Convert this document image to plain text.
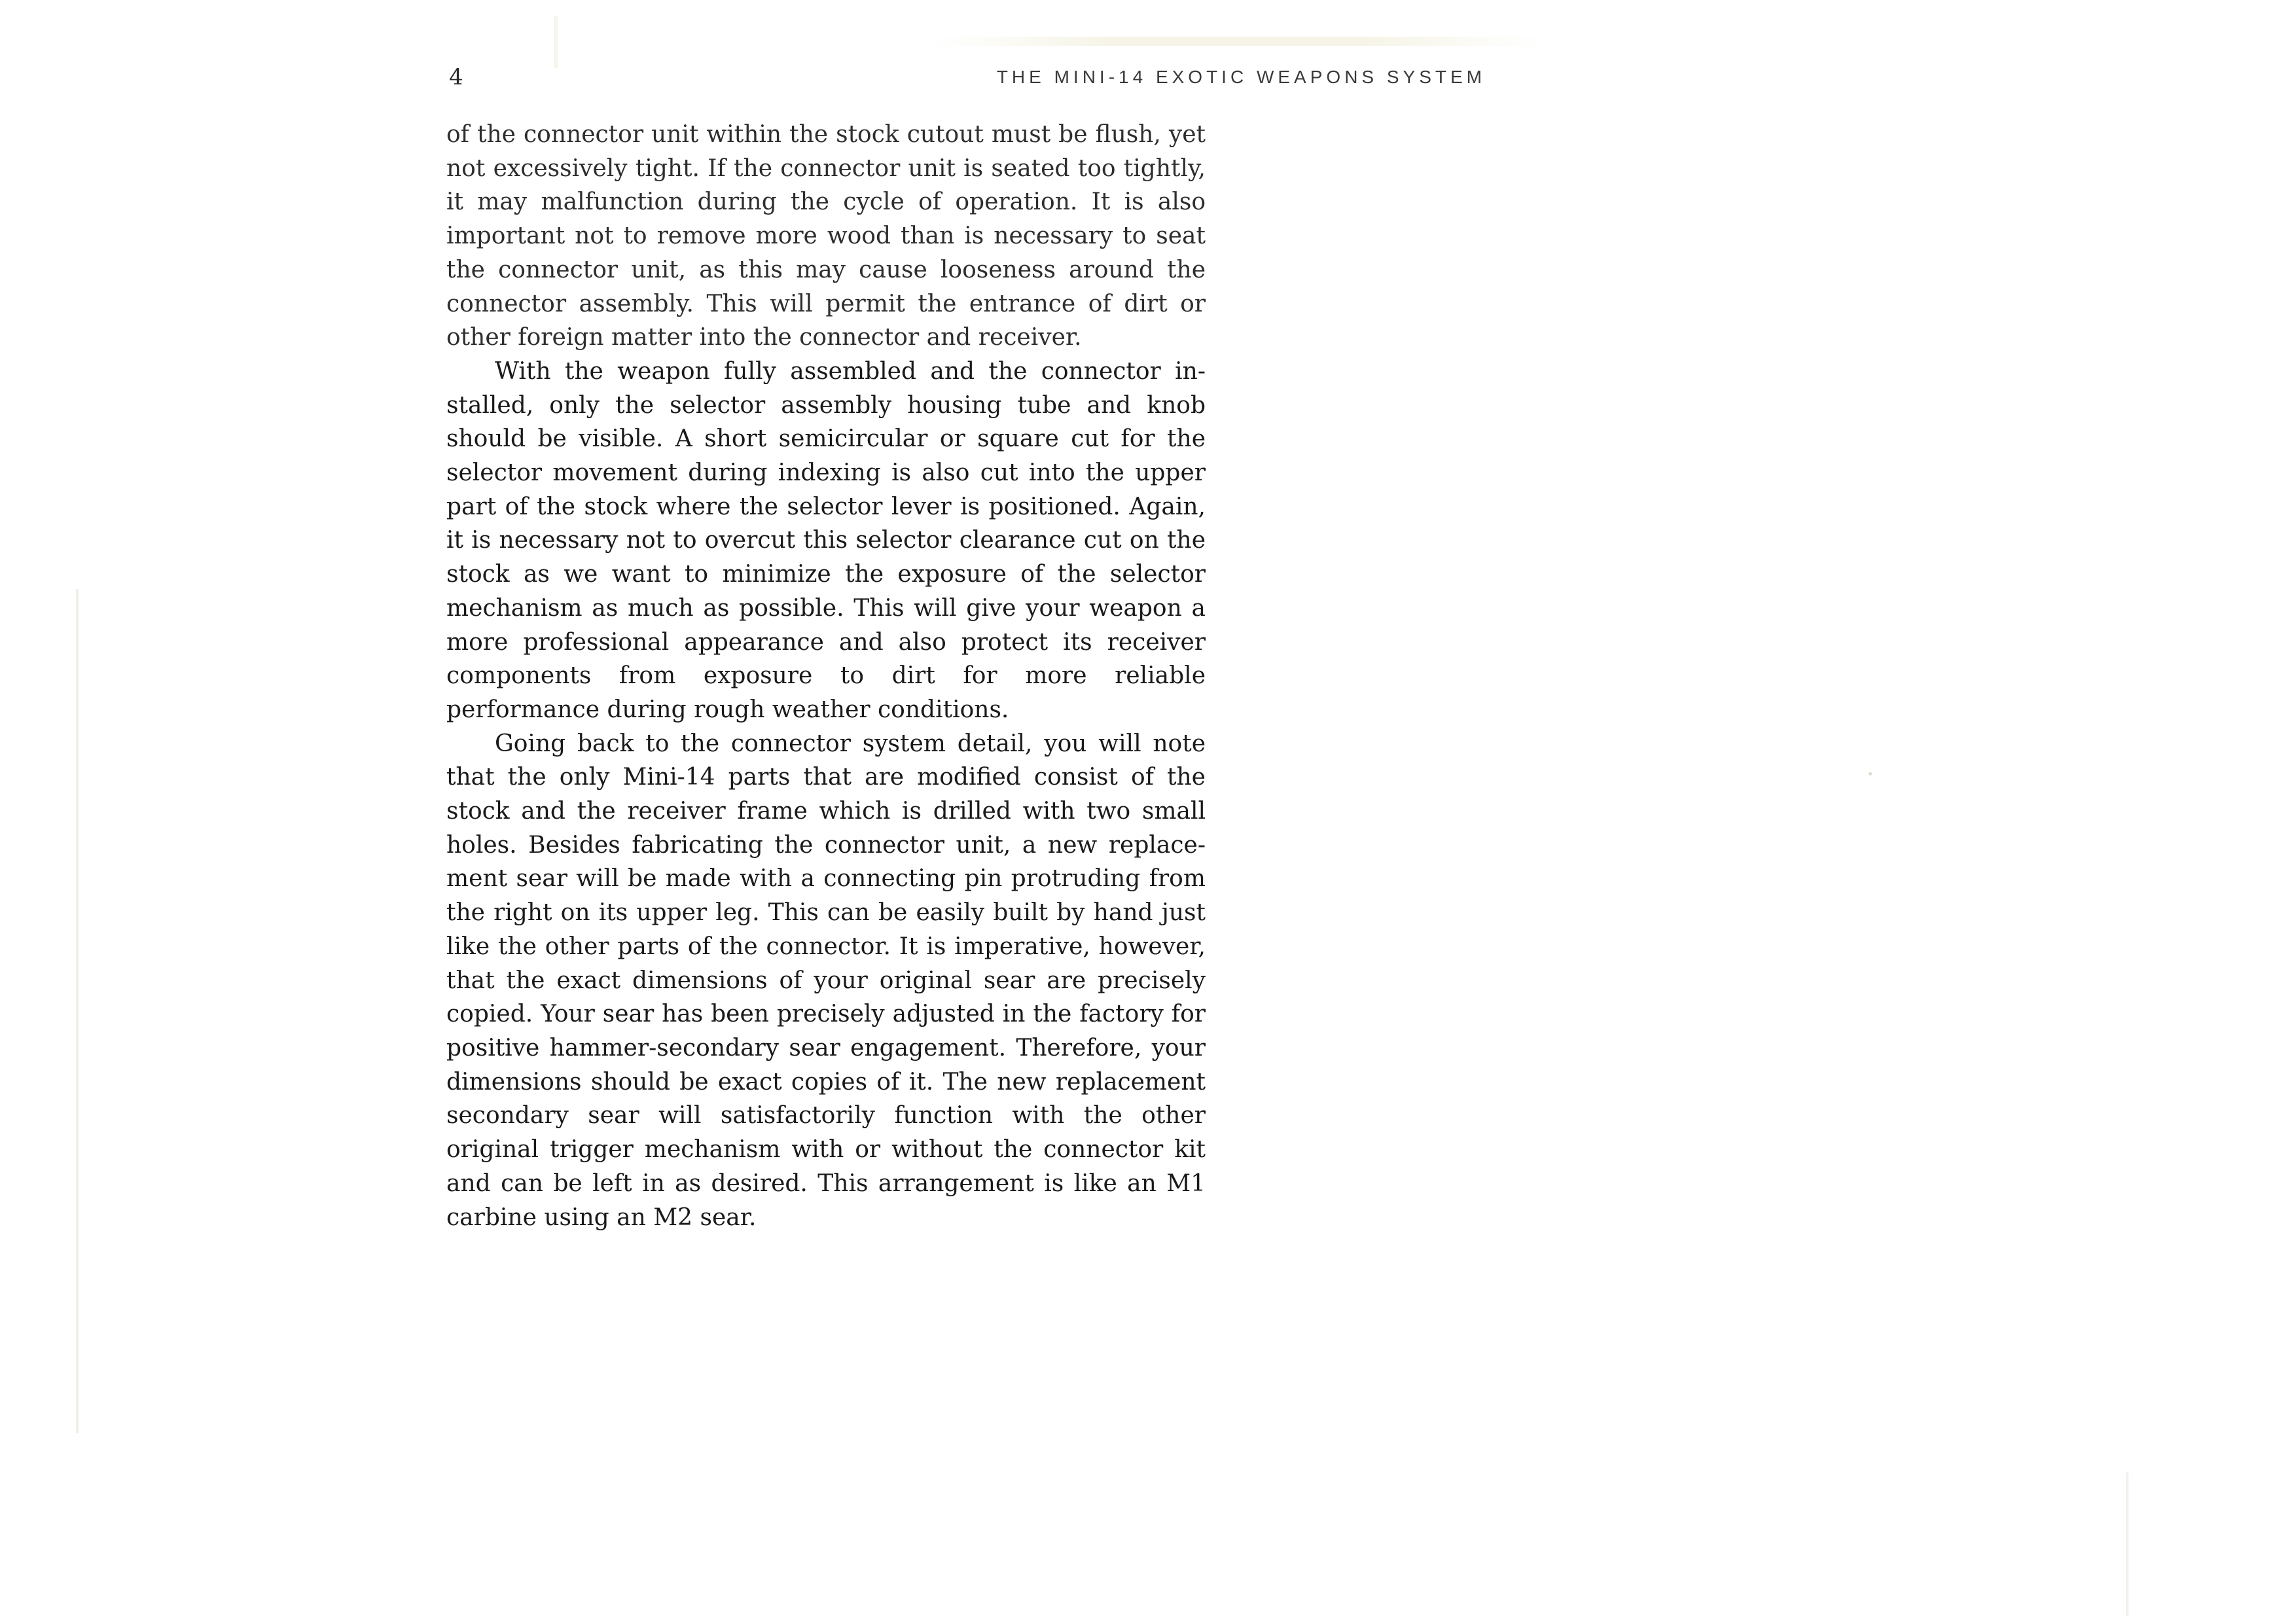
4	THE MINI-14 EXOTIC WEAPONS SYSTEM

of the connector unit within the stock cutout must be flush, yet not excessively tight. If the connector unit is seated too tightly, it may malfunction during the cycle of operation. It is also important not to remove more wood than is necessary to seat the connector unit, as this may cause looseness around the connector assembly. This will permit the entrance of dirt or other foreign matter into the connector and receiver.

With the weapon fully assembled and the connector installed, only the selector assembly housing tube and knob should be visible. A short semicircular or square cut for the selector movement during indexing is also cut into the upper part of the stock where the selector lever is positioned. Again, it is necessary not to overcut this selector clearance cut on the stock as we want to minimize the exposure of the selector mechanism as much as possible. This will give your weapon a more professional appearance and also protect its receiver components from exposure to dirt for more reliable performance during rough weather conditions.

Going back to the connector system detail, you will note that the only Mini-14 parts that are modified consist of the stock and the receiver frame which is drilled with two small holes. Besides fabricating the connector unit, a new replacement sear will be made with a connecting pin protruding from the right on its upper leg. This can be easily built by hand just like the other parts of the connector. It is imperative, however, that the exact dimensions of your original sear are precisely copied. Your sear has been precisely adjusted in the factory for positive hammer-secondary sear engagement. Therefore, your dimensions should be exact copies of it. The new replacement secondary sear will satisfactorily function with the other original trigger mechanism with or without the connector kit and can be left in as desired. This arrangement is like an M1 carbine using an M2 sear.
